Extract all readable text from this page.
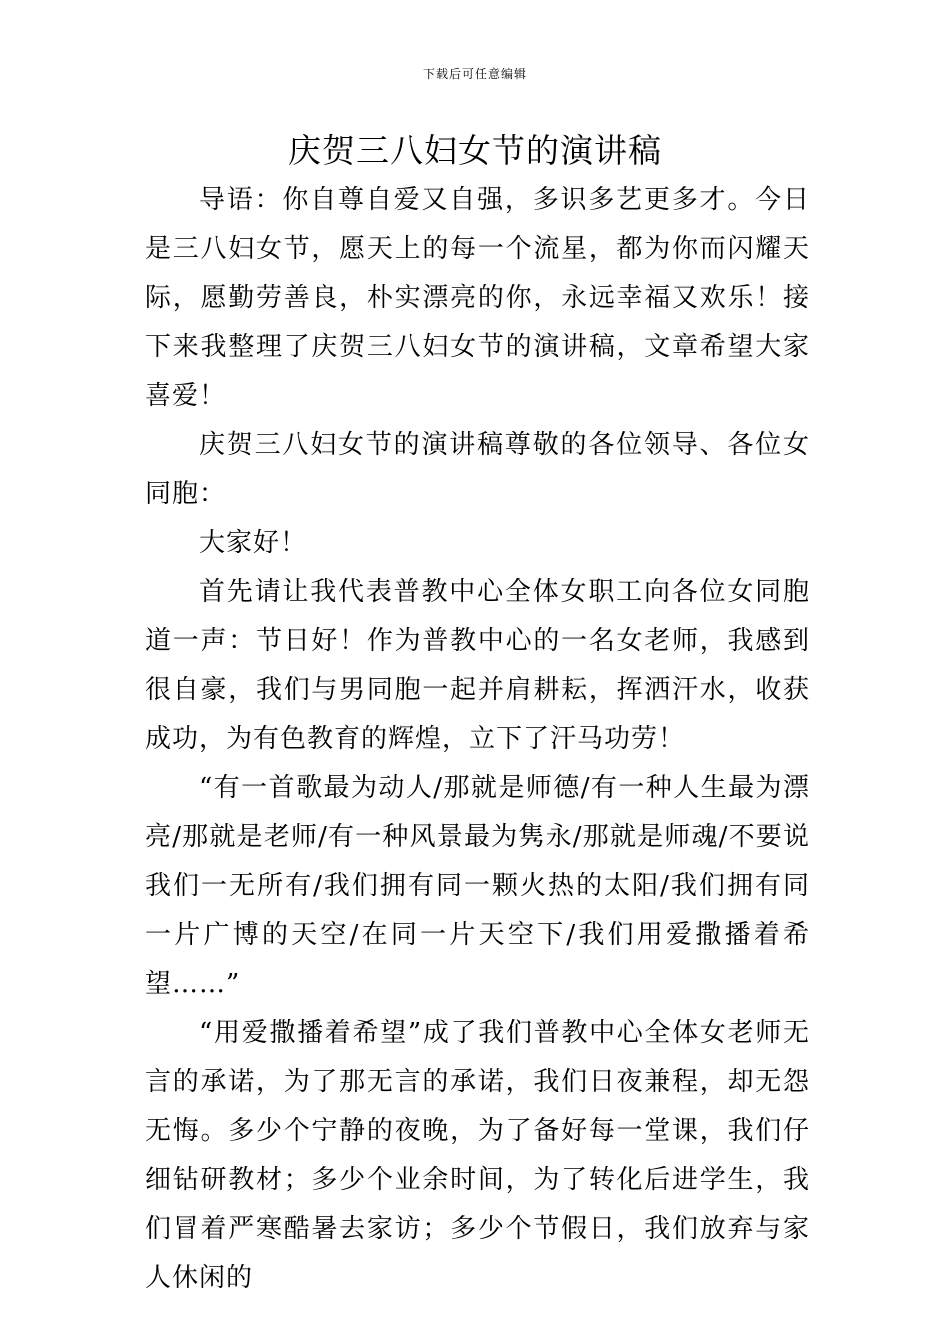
下载后可任意编辑
庆贺三八妇女节的演讲稿

导语：你自尊自爱又自强，多识多艺更多才。今日是三八妇女节，愿天上的每一个流星，都为你而闪耀天际，愿勤劳善良，朴实漂亮的你，永远幸福又欢乐！接下来我整理了庆贺三八妇女节的演讲稿，文章希望大家喜爱！

庆贺三八妇女节的演讲稿尊敬的各位领导、各位女同胞：

大家好！

首先请让我代表普教中心全体女职工向各位女同胞道一声：节日好！作为普教中心的一名女老师，我感到很自豪，我们与男同胞一起并肩耕耘，挥洒汗水，收获成功，为有色教育的辉煌，立下了汗马功劳！

“有一首歌最为动人/那就是师德/有一种人生最为漂亮/那就是老师/有一种风景最为隽永/那就是师魂/不要说我们一无所有/我们拥有同一颗火热的太阳/我们拥有同一片广博的天空/在同一片天空下/我们用爱撒播着希望……”

“用爱撒播着希望”成了我们普教中心全体女老师无言的承诺，为了那无言的承诺，我们日夜兼程，却无怨无悔。多少个宁静的夜晚，为了备好每一堂课，我们仔细钻研教材；多少个业余时间，为了转化后进学生，我们冒着严寒酷暑去家访；多少个节假日，我们放弃与家人休闲的
